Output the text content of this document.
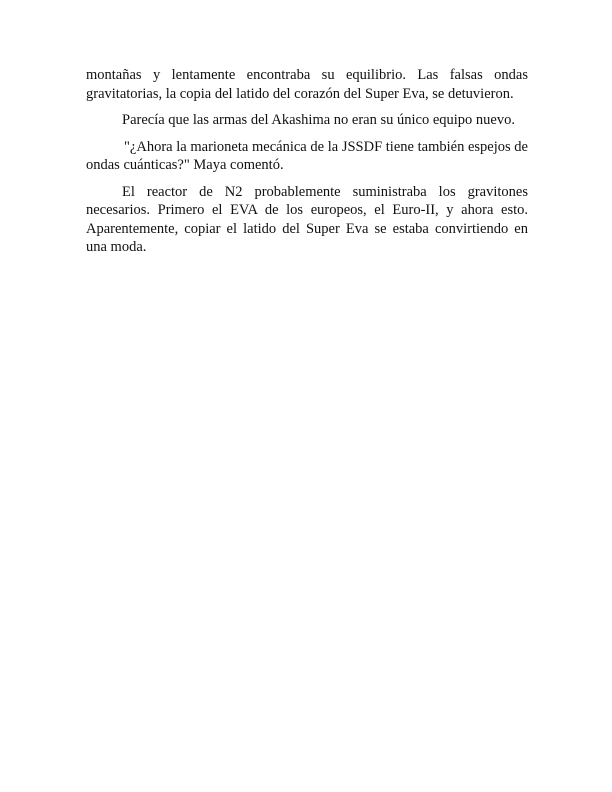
montañas y lentamente encontraba su equilibrio. Las falsas ondas gravitatorias, la copia del latido del corazón del Super Eva, se detuvieron.

Parecía que las armas del Akashima no eran su único equipo nuevo.

"¿Ahora la marioneta mecánica de la JSSDF tiene también espejos de ondas cuánticas?" Maya comentó.

El reactor de N2 probablemente suministraba los gravitones necesarios. Primero el EVA de los europeos, el Euro-II, y ahora esto. Aparentemente, copiar el latido del Super Eva se estaba convirtiendo en una moda.
